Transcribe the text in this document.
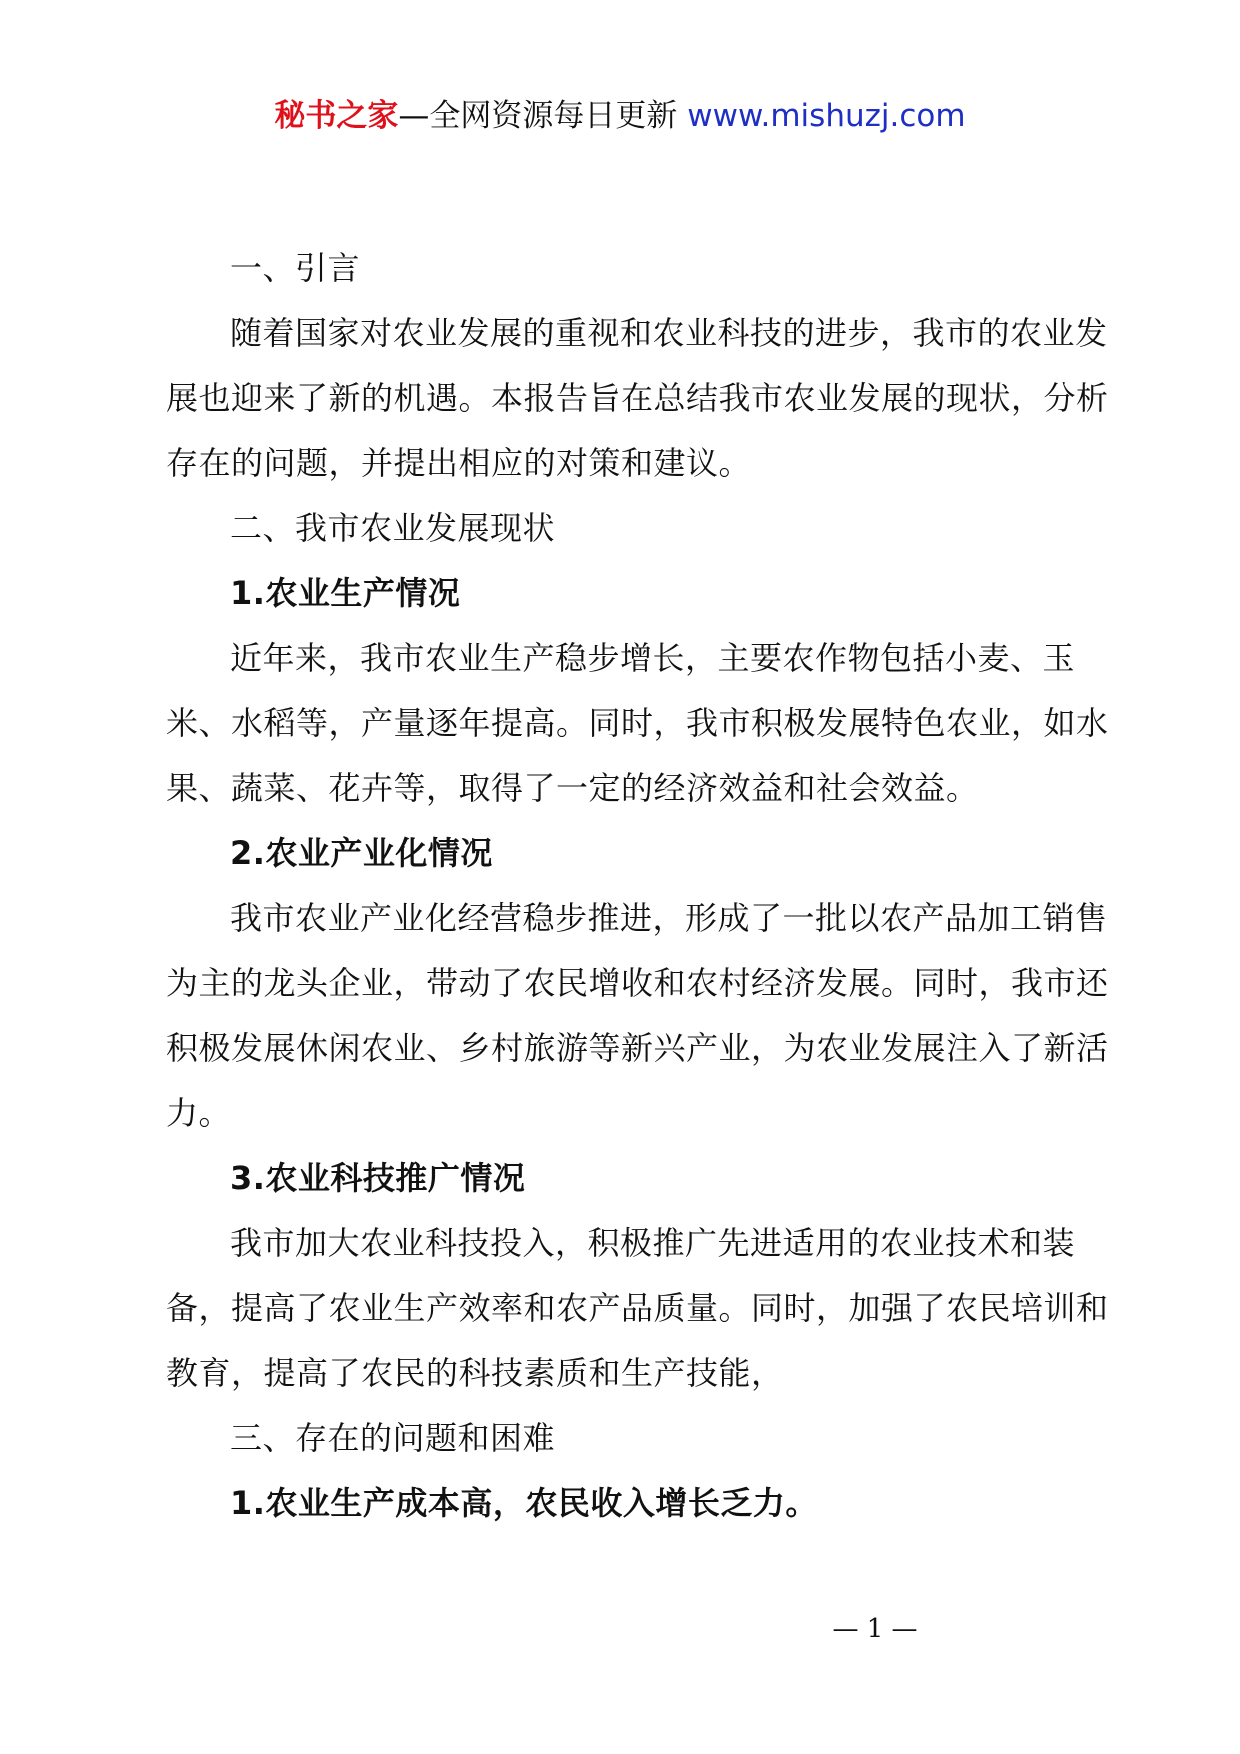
秘书之家—全网资源每日更新 www.mishuzj.com

一、引言

随着国家对农业发展的重视和农业科技的进步，我市的农业发展也迎来了新的机遇。本报告旨在总结我市农业发展的现状，分析存在的问题，并提出相应的对策和建议。

二、我市农业发展现状

1.农业生产情况

近年来，我市农业生产稳步增长，主要农作物包括小麦、玉米、水稻等，产量逐年提高。同时，我市积极发展特色农业，如水果、蔬菜、花卉等，取得了一定的经济效益和社会效益。

2.农业产业化情况

我市农业产业化经营稳步推进，形成了一批以农产品加工销售为主的龙头企业，带动了农民增收和农村经济发展。同时，我市还积极发展休闲农业、乡村旅游等新兴产业，为农业发展注入了新活力。

3.农业科技推广情况

我市加大农业科技投入，积极推广先进适用的农业技术和装备，提高了农业生产效率和农产品质量。同时，加强了农民培训和教育，提高了农民的科技素质和生产技能，

三、存在的问题和困难

1.农业生产成本高，农民收入增长乏力。

— 1 —
